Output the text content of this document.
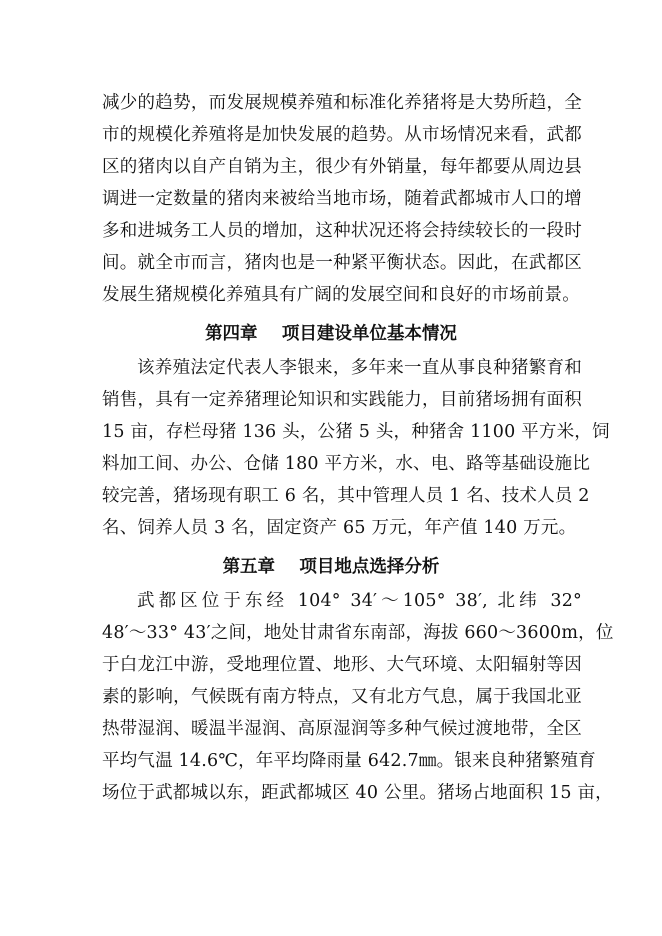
减少的趋势，而发展规模养殖和标准化养猪将是大势所趋，全
市的规模化养殖将是加快发展的趋势。从市场情况来看，武都
区的猪肉以自产自销为主，很少有外销量，每年都要从周边县
调进一定数量的猪肉来被给当地市场，随着武都城市人口的增
多和进城务工人员的增加，这种状况还将会持续较长的一段时
间。就全市而言，猪肉也是一种紧平衡状态。因此，在武都区
发展生猪规模化养殖具有广阔的发展空间和良好的市场前景。
第四章    项目建设单位基本情况
该养殖法定代表人李银来，多年来一直从事良种猪繁育和
销售，具有一定养猪理论知识和实践能力，目前猪场拥有面积
15 亩，存栏母猪 136 头，公猪 5 头，种猪舍 1100 平方米，饲
料加工间、办公、仓储 180 平方米，水、电、路等基础设施比
较完善，猪场现有职工 6 名，其中管理人员 1 名、技术人员 2
名、饲养人员 3 名，固定资产 65 万元，年产值 140 万元。
第五章    项目地点选择分析
武都区位于东经 104° 34′～105° 38′, 北纬 32°
48′～33° 43′之间，地处甘肃省东南部，海拔 660～3600m，位
于白龙江中游，受地理位置、地形、大气环境、太阳辐射等因
素的影响，气候既有南方特点，又有北方气息，属于我国北亚
热带湿润、暖温半湿润、高原湿润等多种气候过渡地带，全区
平均气温 14.6℃，年平均降雨量 642.7㎜。银来良种猪繁殖育
场位于武都城以东，距武都城区 40 公里。猪场占地面积 15 亩，
